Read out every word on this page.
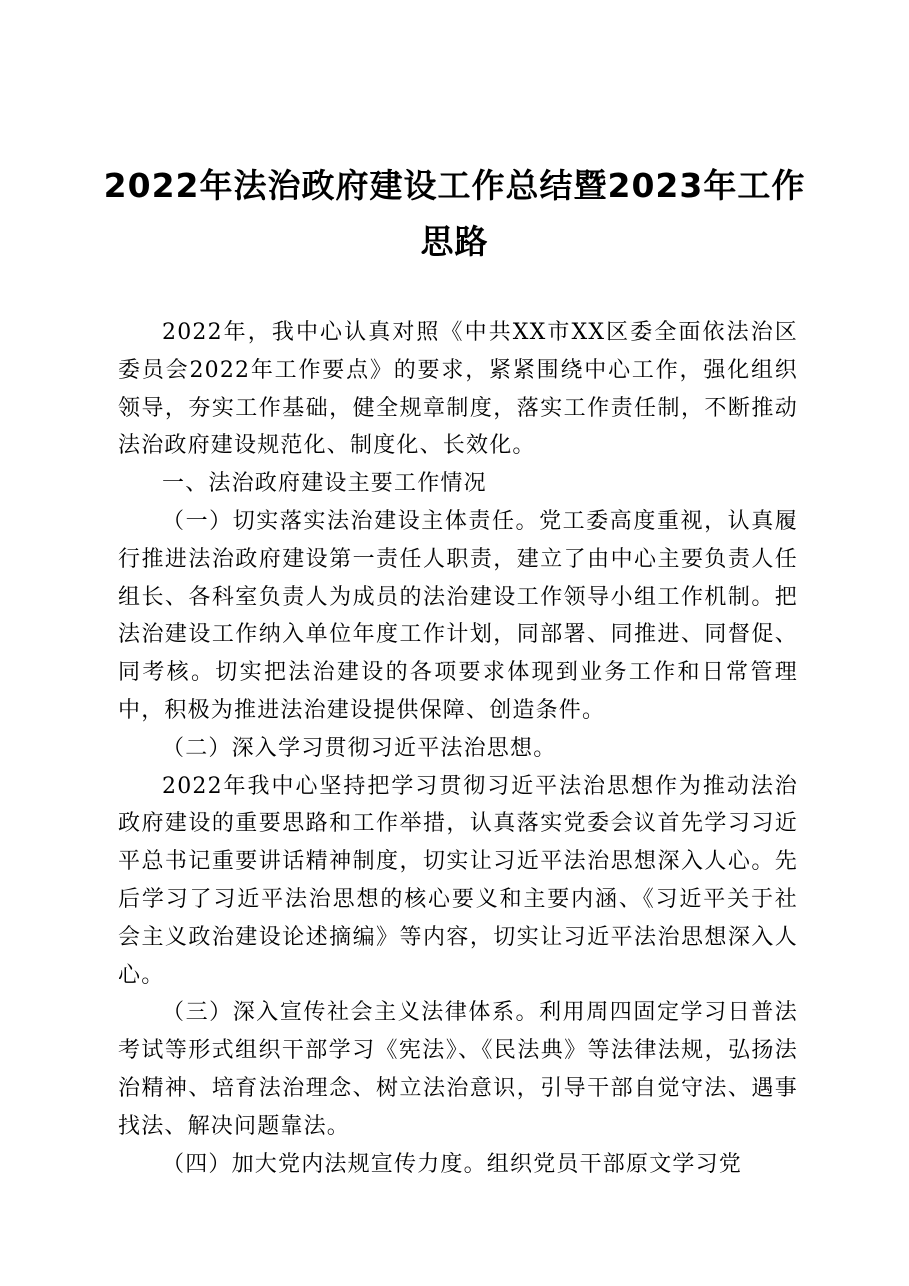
2022年法治政府建设工作总结暨2023年工作思路

2022年，我中心认真对照《中共XX市XX区委全面依法治区委员会2022年工作要点》的要求，紧紧围绕中心工作，强化组织领导，夯实工作基础，健全规章制度，落实工作责任制，不断推动法治政府建设规范化、制度化、长效化。

一、法治政府建设主要工作情况

（一）切实落实法治建设主体责任。党工委高度重视，认真履行推进法治政府建设第一责任人职责，建立了由中心主要负责人任组长、各科室负责人为成员的法治建设工作领导小组工作机制。把法治建设工作纳入单位年度工作计划，同部署、同推进、同督促、同考核。切实把法治建设的各项要求体现到业务工作和日常管理中，积极为推进法治建设提供保障、创造条件。

（二）深入学习贯彻习近平法治思想。

2022年我中心坚持把学习贯彻习近平法治思想作为推动法治政府建设的重要思路和工作举措，认真落实党委会议首先学习习近平总书记重要讲话精神制度，切实让习近平法治思想深入人心。先后学习了习近平法治思想的核心要义和主要内涵、《习近平关于社会主义政治建设论述摘编》等内容，切实让习近平法治思想深入人心。

（三）深入宣传社会主义法律体系。利用周四固定学习日普法考试等形式组织干部学习《宪法》、《民法典》等法律法规，弘扬法治精神、培育法治理念、树立法治意识，引导干部自觉守法、遇事找法、解决问题靠法。

（四）加大党内法规宣传力度。组织党员干部原文学习党
